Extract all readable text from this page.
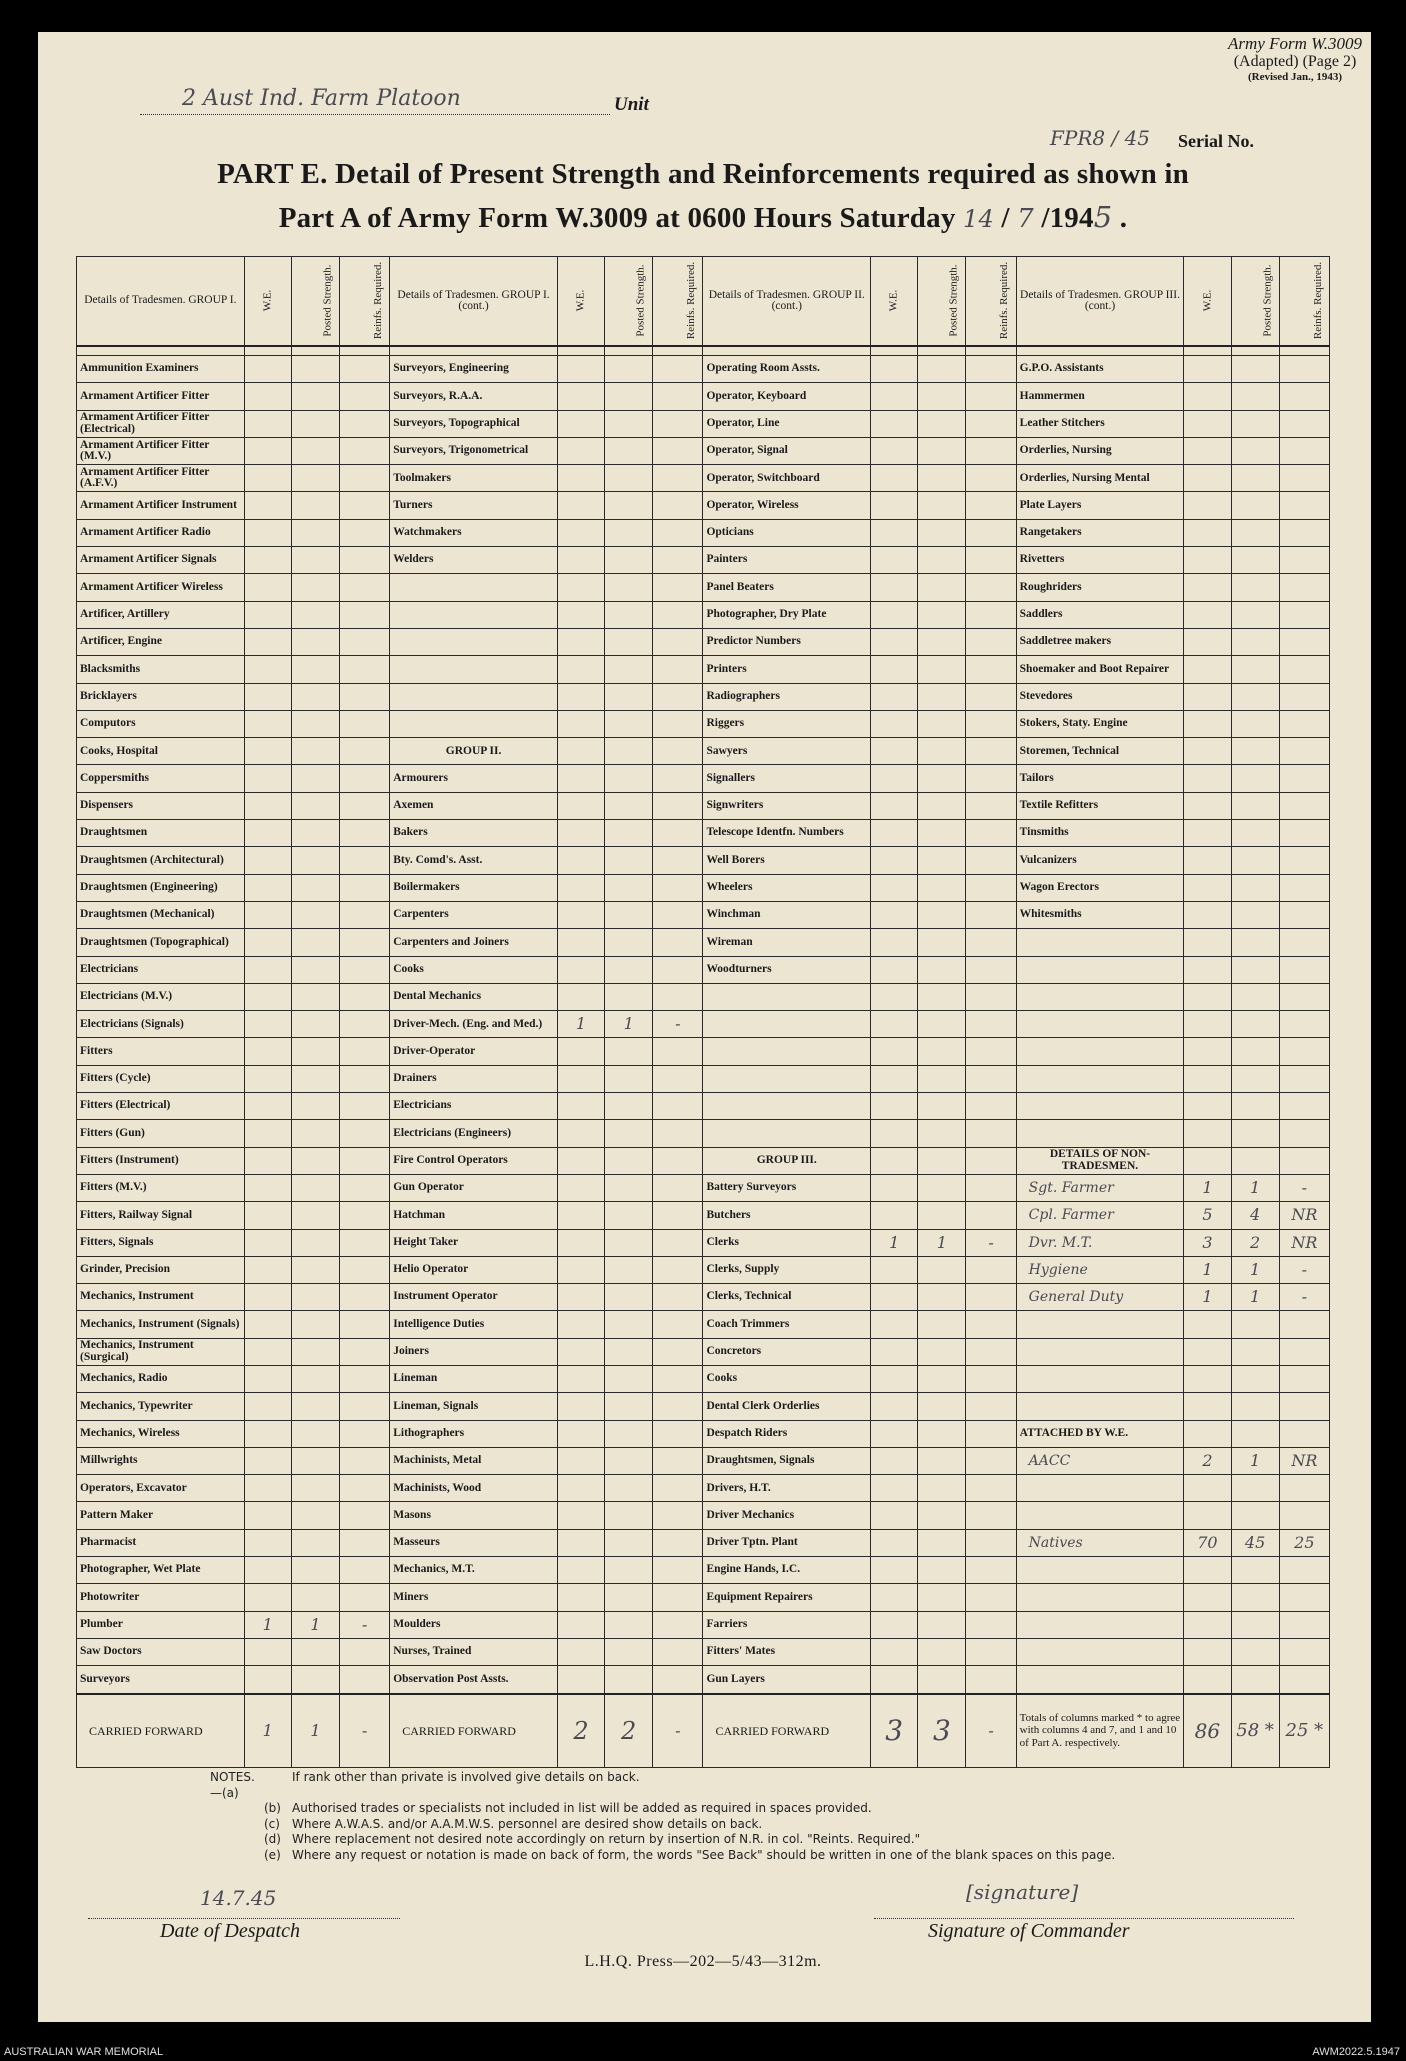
2 Aust Ind. Farm Platoon	Unit
Army Form W.3009
(Adapted) (Page 2)
(Revised Jan., 1943)
FPR8 / 45 Serial No.
PART E. Detail of Present Strength and Reinforcements required as shown in
Part A of Army Form W.3009 at 0600 Hours Saturday 14 / 7 /1945 .
Details of Tradesmen. GROUP I.	W.E.	Posted Strength.	Reinfs. Required.	Details of Tradesmen. GROUP I. (cont.)	W.E.	Posted Strength.	Reinfs. Required.	Details of Tradesmen. GROUP II. (cont.)	W.E.	Posted Strength.	Reinfs. Required.	Details of Tradesmen. GROUP III. (cont.)	W.E.	Posted Strength.	Reinfs. Required.

Ammunition Examiners				Surveyors, Engineering				Operating Room Assts.				G.P.O. Assistants			
Armament Artificer Fitter				Surveyors, R.A.A.				Operator, Keyboard				Hammermen			
Armament Artificer Fitter (Electrical)				Surveyors, Topographical				Operator, Line				Leather Stitchers			
Armament Artificer Fitter (M.V.)				Surveyors, Trigonometrical				Operator, Signal				Orderlies, Nursing			
Armament Artificer Fitter (A.F.V.)				Toolmakers				Operator, Switchboard				Orderlies, Nursing Mental			
Armament Artificer Instrument				Turners				Operator, Wireless				Plate Layers			
Armament Artificer Radio				Watchmakers				Opticians				Rangetakers			
Armament Artificer Signals				Welders				Painters				Rivetters			
Armament Artificer Wireless								Panel Beaters				Roughriders			
Artificer, Artillery								Photographer, Dry Plate				Saddlers			
Artificer, Engine								Predictor Numbers				Saddletree makers			
Blacksmiths								Printers				Shoemaker and Boot Repairer			
Bricklayers								Radiographers				Stevedores			
Computors								Riggers				Stokers, Staty. Engine			
Cooks, Hospital				GROUP II.				Sawyers				Storemen, Technical			
Coppersmiths				Armourers				Signallers				Tailors			
Dispensers				Axemen				Signwriters				Textile Refitters			
Draughtsmen				Bakers				Telescope Identfn. Numbers				Tinsmiths			
Draughtsmen (Architectural)				Bty. Comd's. Asst.				Well Borers				Vulcanizers			
Draughtsmen (Engineering)				Boilermakers				Wheelers				Wagon Erectors			
Draughtsmen (Mechanical)				Carpenters				Winchman				Whitesmiths			
Draughtsmen (Topographical)				Carpenters and Joiners				Wireman							
Electricians				Cooks				Woodturners							
Electricians (M.V.)				Dental Mechanics											
Electricians (Signals)				Driver-Mech. (Eng. and Med.)	1	1	-								
Fitters				Driver-Operator											
Fitters (Cycle)				Drainers											
Fitters (Electrical)				Electricians											
Fitters (Gun)				Electricians (Engineers)											
Fitters (Instrument)				Fire Control Operators				GROUP III.				DETAILS OF NON-TRADESMEN.			
Fitters (M.V.)				Gun Operator				Battery Surveyors				Sgt. Farmer	1	1	-
Fitters, Railway Signal				Hatchman				Butchers				Cpl. Farmer	5	4	NR
Fitters, Signals				Height Taker				Clerks	1	1	-	Dvr. M.T.	3	2	NR
Grinder, Precision				Helio Operator				Clerks, Supply				Hygiene	1	1	-
Mechanics, Instrument				Instrument Operator				Clerks, Technical				General Duty	1	1	-
Mechanics, Instrument (Signals)				Intelligence Duties				Coach Trimmers							
Mechanics, Instrument (Surgical)				Joiners				Concretors							
Mechanics, Radio				Lineman				Cooks							
Mechanics, Typewriter				Lineman, Signals				Dental Clerk Orderlies							
Mechanics, Wireless				Lithographers				Despatch Riders				ATTACHED BY W.E.			
Millwrights				Machinists, Metal				Draughtsmen, Signals				AACC	2	1	NR
Operators, Excavator				Machinists, Wood				Drivers, H.T.							
Pattern Maker				Masons				Driver Mechanics							
Pharmacist				Masseurs				Driver Tptn. Plant				Natives	70	45	25
Photographer, Wet Plate				Mechanics, M.T.				Engine Hands, I.C.							
Photowriter				Miners				Equipment Repairers							
Plumber	1	1	-	Moulders				Farriers							
Saw Doctors				Nurses, Trained				Fitters' Mates							
Surveyors				Observation Post Assts.				Gun Layers							
CARRIED FORWARD	1	1	-	CARRIED FORWARD	2	2	-	CARRIED FORWARD	3	3	-	Totals of columns marked * to agree with columns 4 and 7, and 1 and 10 of Part A. respectively.	86	58 *	25 *
NOTES.—(a)
If rank other than private is involved give details on back.
(b) Authorised trades or specialists not included in list will be added as required in spaces provided.
(c)	Where A.W.A.S. and/or A.A.M.W.S. personnel are desired show details on back.
(d) Where replacement not desired note accordingly on return by insertion of N.R. in col. "Reints. Required."
(e) Where any request or notation is made on back of form, the words "See Back" should be written in one of the blank spaces on this page.
14.7.45
Date of Despatch
[signature]
Signature of Commander
L.H.Q. Press—202—5/43—312m.
AUSTRALIAN WAR MEMORIAL	AWM2022.5.1947
